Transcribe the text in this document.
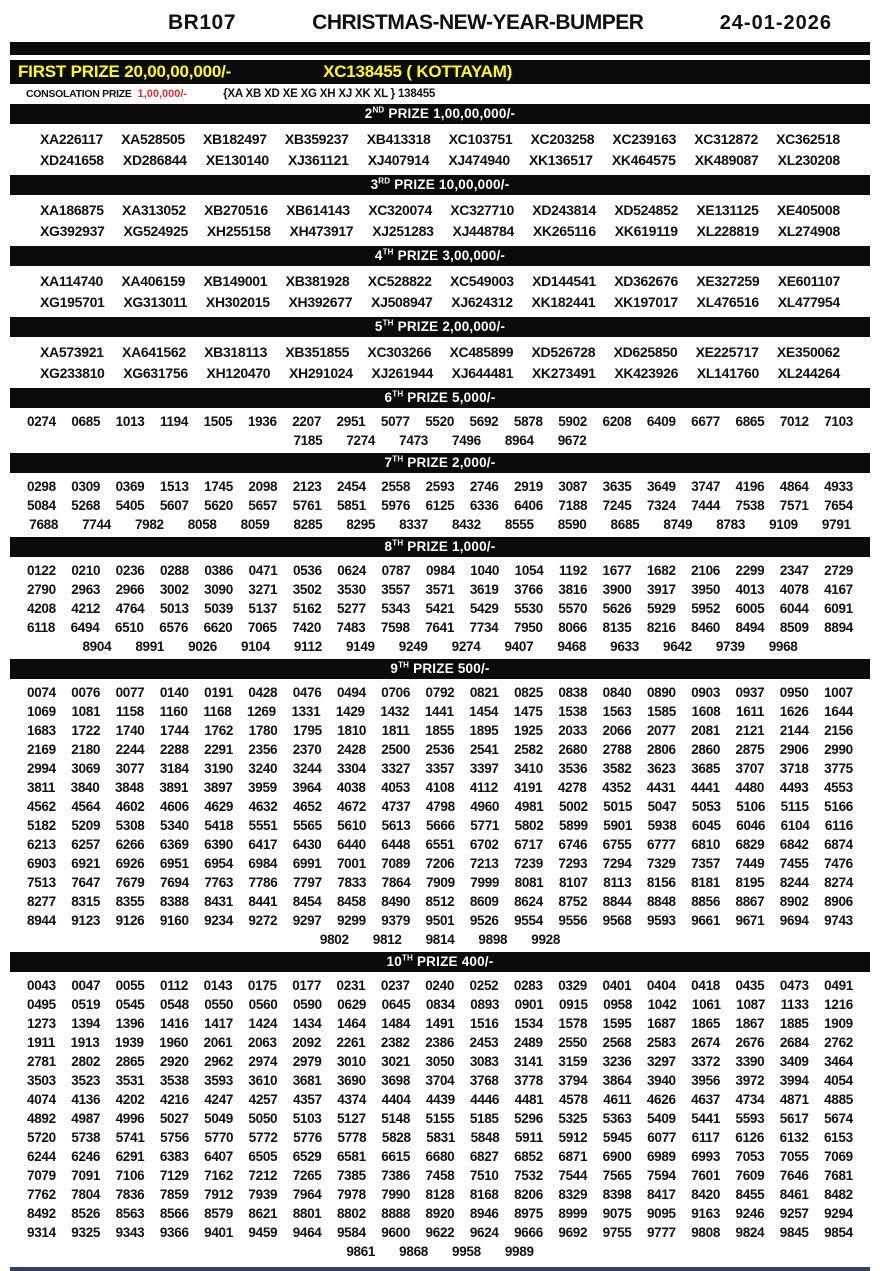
BR107	CHRISTMAS-NEW-YEAR-BUMPER	24-01-2026
FIRST PRIZE 20,00,00,000/-	XC138455 ( KOTTAYAM)
CONSOLATION PRIZE 1,00,000/-	{XA XB XD XE XG XH XJ XK XL } 138455
2ND PRIZE 1,00,00,000/-
XA226117 XA528505 XB182497 XB359237 XB413318 XC103751 XC203258 XC239163 XC312872 XC362518
XD241658 XD286844 XE130140 XJ361121 XJ407914 XJ474940 XK136517 XK464575 XK489087 XL230208
3RD PRIZE 10,00,000/-
XA186875 XA313052 XB270516 XB614143 XC320074 XC327710 XD243814 XD524852 XE131125 XE405008
XG392937 XG524925 XH255158 XH473917 XJ251283 XJ448784 XK265116 XK619119 XL228819 XL274908
4TH PRIZE 3,00,000/-
XA114740 XA406159 XB149001 XB381928 XC528822 XC549003 XD144541 XD362676 XE327259 XE601107
XG195701 XG313011 XH302015 XH392677 XJ508947 XJ624312 XK182441 XK197017 XL476516 XL477954
5TH PRIZE 2,00,000/-
XA573921 XA641562 XB318113 XB351855 XC303266 XC485899 XD526728 XD625850 XE225717 XE350062
XG233810 XG631756 XH120470 XH291024 XJ261944 XJ644481 XK273491 XK423926 XL141760 XL244264
6TH PRIZE 5,000/-
0274 0685 1013 1194 1505 1936 2207 2951 5077 5520 5692 5878 5902 6208 6409 6677 6865 7012 7103
7185 7274 7473 7496 8964 9672
7TH PRIZE 2,000/-
0298 0309 0369 1513 1745 2098 2123 2454 2558 2593 2746 2919 3087 3635 3649 3747 4196 4864 4933
5084 5268 5405 5607 5620 5657 5761 5851 5976 6125 6336 6406 7188 7245 7324 7444 7538 7571 7654
7688 7744 7982 8058 8059 8285 8295 8337 8432 8555 8590 8685 8749 8783 9109 9791
8TH PRIZE 1,000/-
0122 0210 0236 0288 0386 0471 0536 0624 0787 0984 1040 1054 1192 1677 1682 2106 2299 2347 2729
2790 2963 2966 3002 3090 3271 3502 3530 3557 3571 3619 3766 3816 3900 3917 3950 4013 4078 4167
4208 4212 4764 5013 5039 5137 5162 5277 5343 5421 5429 5530 5570 5626 5929 5952 6005 6044 6091
6118 6494 6510 6576 6620 7065 7420 7483 7598 7641 7734 7950 8066 8135 8216 8460 8494 8509 8894
8904 8991 9026 9104 9112 9149 9249 9274 9407 9468 9633 9642 9739 9968
9TH PRIZE 500/-
0074 0076 0077 0140 0191 0428 0476 0494 0706 0792 0821 0825 0838 0840 0890 0903 0937 0950 1007
1069 1081 1158 1160 1168 1269 1331 1429 1432 1441 1454 1475 1538 1563 1585 1608 1611 1626 1644
1683 1722 1740 1744 1762 1780 1795 1810 1811 1855 1895 1925 2033 2066 2077 2081 2121 2144 2156
2169 2180 2244 2288 2291 2356 2370 2428 2500 2536 2541 2582 2680 2788 2806 2860 2875 2906 2990
2994 3069 3077 3184 3190 3240 3244 3304 3327 3357 3397 3410 3536 3582 3623 3685 3707 3718 3775
3811 3840 3848 3891 3897 3959 3964 4038 4053 4108 4112 4191 4278 4352 4431 4441 4480 4493 4553
4562 4564 4602 4606 4629 4632 4652 4672 4737 4798 4960 4981 5002 5015 5047 5053 5106 5115 5166
5182 5209 5308 5340 5418 5551 5565 5610 5613 5666 5771 5802 5899 5901 5938 6045 6046 6104 6116
6213 6257 6266 6369 6390 6417 6430 6440 6448 6551 6702 6717 6746 6755 6777 6810 6829 6842 6874
6903 6921 6926 6951 6954 6984 6991 7001 7089 7206 7213 7239 7293 7294 7329 7357 7449 7455 7476
7513 7647 7679 7694 7763 7786 7797 7833 7864 7909 7999 8081 8107 8113 8156 8181 8195 8244 8274
8277 8315 8355 8388 8431 8441 8454 8458 8490 8512 8609 8624 8752 8844 8848 8856 8867 8902 8906
8944 9123 9126 9160 9234 9272 9297 9299 9379 9501 9526 9554 9556 9568 9593 9661 9671 9694 9743
9802 9812 9814 9898 9928
10TH PRIZE 400/-
0043 0047 0055 0112 0143 0175 0177 0231 0237 0240 0252 0283 0329 0401 0404 0418 0435 0473 0491
0495 0519 0545 0548 0550 0560 0590 0629 0645 0834 0893 0901 0915 0958 1042 1061 1087 1133 1216
1273 1394 1396 1416 1417 1424 1434 1464 1484 1491 1516 1534 1578 1595 1687 1865 1867 1885 1909
1911 1913 1939 1960 2061 2063 2092 2261 2382 2386 2453 2489 2550 2568 2583 2674 2676 2684 2762
2781 2802 2865 2920 2962 2974 2979 3010 3021 3050 3083 3141 3159 3236 3297 3372 3390 3409 3464
3503 3523 3531 3538 3593 3610 3681 3690 3698 3704 3768 3778 3794 3864 3940 3956 3972 3994 4054
4074 4136 4202 4216 4247 4257 4357 4374 4404 4439 4446 4481 4578 4611 4626 4637 4734 4871 4885
4892 4987 4996 5027 5049 5050 5103 5127 5148 5155 5185 5296 5325 5363 5409 5441 5593 5617 5674
5720 5738 5741 5756 5770 5772 5776 5778 5828 5831 5848 5911 5912 5945 6077 6117 6126 6132 6153
6244 6246 6291 6383 6407 6505 6529 6581 6615 6680 6827 6852 6871 6900 6989 6993 7053 7055 7069
7079 7091 7106 7129 7162 7212 7265 7385 7386 7458 7510 7532 7544 7565 7594 7601 7609 7646 7681
7762 7804 7836 7859 7912 7939 7964 7978 7990 8128 8168 8206 8329 8398 8417 8420 8455 8461 8482
8492 8526 8563 8566 8579 8621 8801 8802 8888 8920 8946 8975 8999 9075 9095 9163 9246 9257 9294
9314 9325 9343 9366 9401 9459 9464 9584 9600 9622 9624 9666 9692 9755 9777 9808 9824 9845 9854
9861 9868 9958 9989
